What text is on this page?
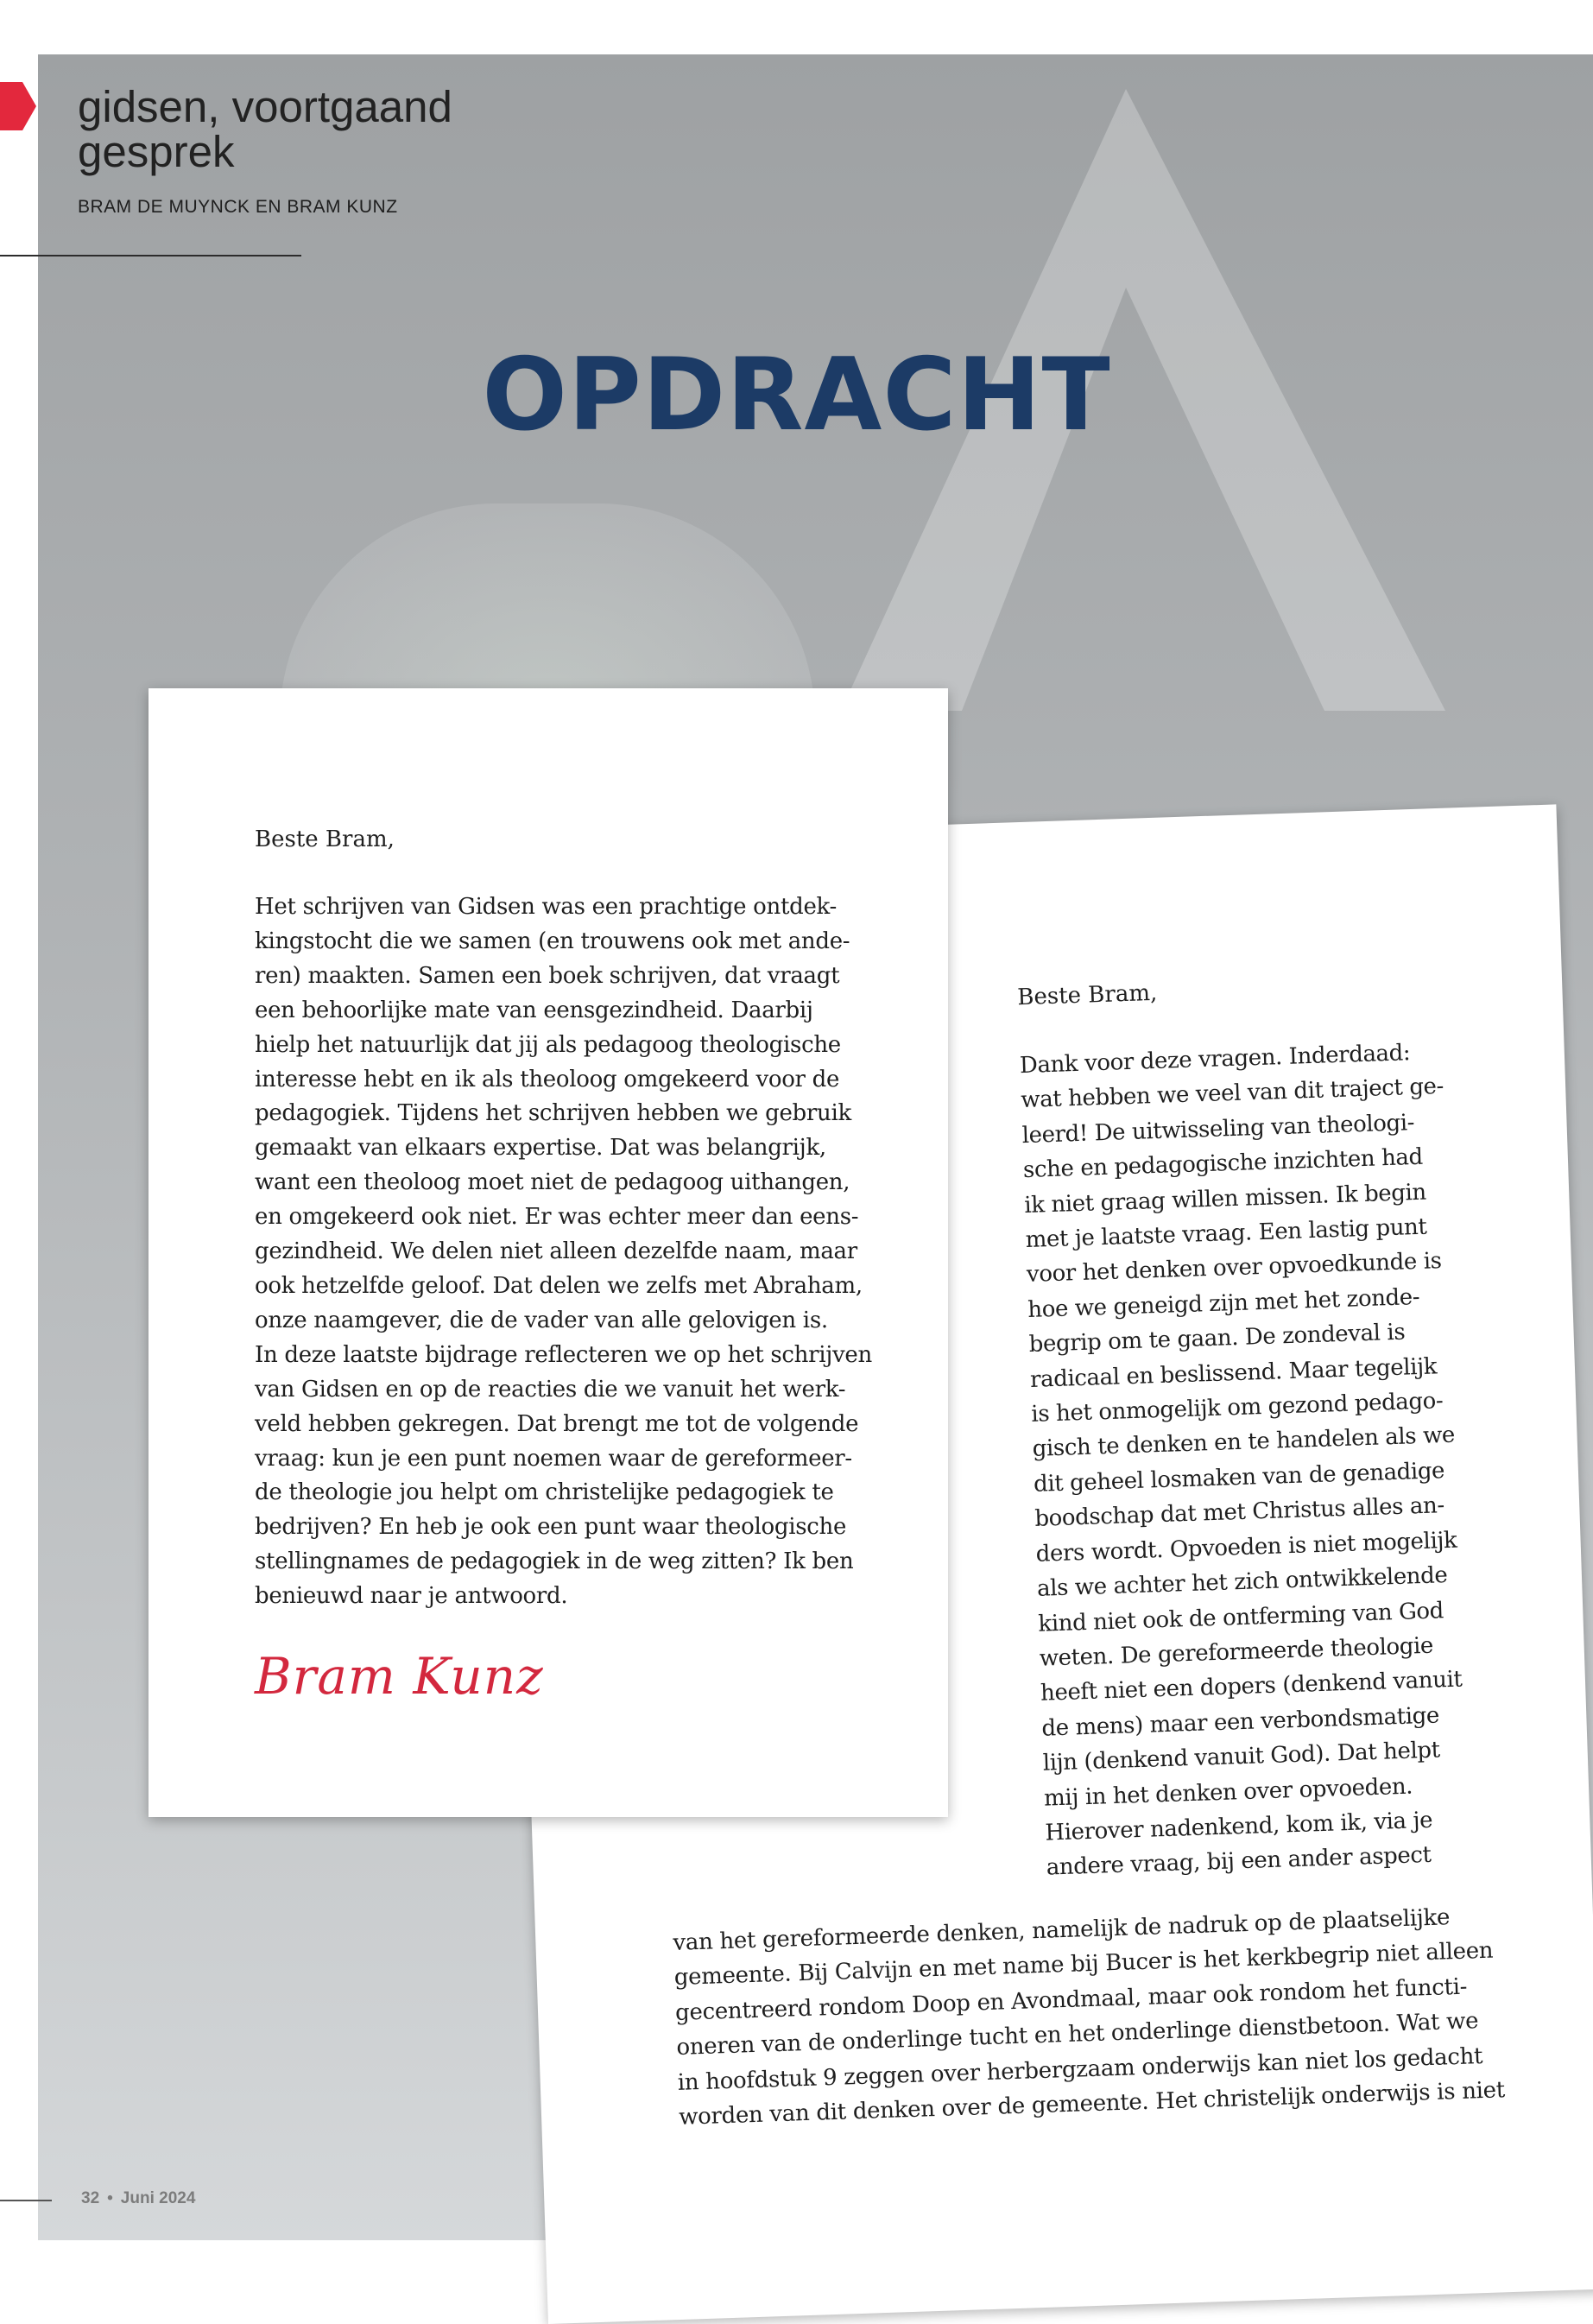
gidsen, voortgaand
gesprek
BRAM DE MUYNCK EN BRAM KUNZ
OPDRACHT

Beste Bram,

Dank voor deze vragen. Inderdaad:
wat hebben we veel van dit traject ge-
leerd! De uitwisseling van theologi-
sche en pedagogische inzichten had
ik niet graag willen missen. Ik begin
met je laatste vraag. Een lastig punt
voor het denken over opvoedkunde is
hoe we geneigd zijn met het zonde-
begrip om te gaan. De zondeval is
radicaal en beslissend. Maar tegelijk
is het onmogelijk om gezond pedago-
gisch te denken en te handelen als we
dit geheel losmaken van de genadige
boodschap dat met Christus alles an-
ders wordt. Opvoeden is niet mogelijk
als we achter het zich ontwikkelende
kind niet ook de ontferming van God
weten. De gereformeerde theologie
heeft niet een dopers (denkend vanuit
de mens) maar een verbondsmatige
lijn (denkend vanuit God). Dat helpt
mij in het denken over opvoeden.
Hierover nadenkend, kom ik, via je
andere vraag, bij een ander aspect

van het gereformeerde denken, namelijk de nadruk op de plaatselijke
gemeente. Bij Calvijn en met name bij Bucer is het kerkbegrip niet alleen
gecentreerd rondom Doop en Avondmaal, maar ook rondom het functi-
oneren van de onderlinge tucht en het onderlinge dienstbetoon. Wat we
in hoofdstuk 9 zeggen over herbergzaam onderwijs kan niet los gedacht
worden van dit denken over de gemeente. Het christelijk onderwijs is niet

Beste Bram,

Het schrijven van Gidsen was een prachtige ontdek-
kingstocht die we samen (en trouwens ook met ande-
ren) maakten. Samen een boek schrijven, dat vraagt
een behoorlijke mate van eensgezindheid. Daarbij
hielp het natuurlijk dat jij als pedagoog theologische
interesse hebt en ik als theoloog omgekeerd voor de
pedagogiek. Tijdens het schrijven hebben we gebruik
gemaakt van elkaars expertise. Dat was belangrijk,
want een theoloog moet niet de pedagoog uithangen,
en omgekeerd ook niet. Er was echter meer dan eens-
gezindheid. We delen niet alleen dezelfde naam, maar
ook hetzelfde geloof. Dat delen we zelfs met Abraham,
onze naamgever, die de vader van alle gelovigen is.
In deze laatste bijdrage reflecteren we op het schrijven
van Gidsen en op de reacties die we vanuit het werk-
veld hebben gekregen. Dat brengt me tot de volgende
vraag: kun je een punt noemen waar de gereformeer-
de theologie jou helpt om christelijke pedagogiek te
bedrijven? En heb je ook een punt waar theologische
stellingnames de pedagogiek in de weg zitten? Ik ben
benieuwd naar je antwoord.

Bram Kunz

32 • Juni 2024
